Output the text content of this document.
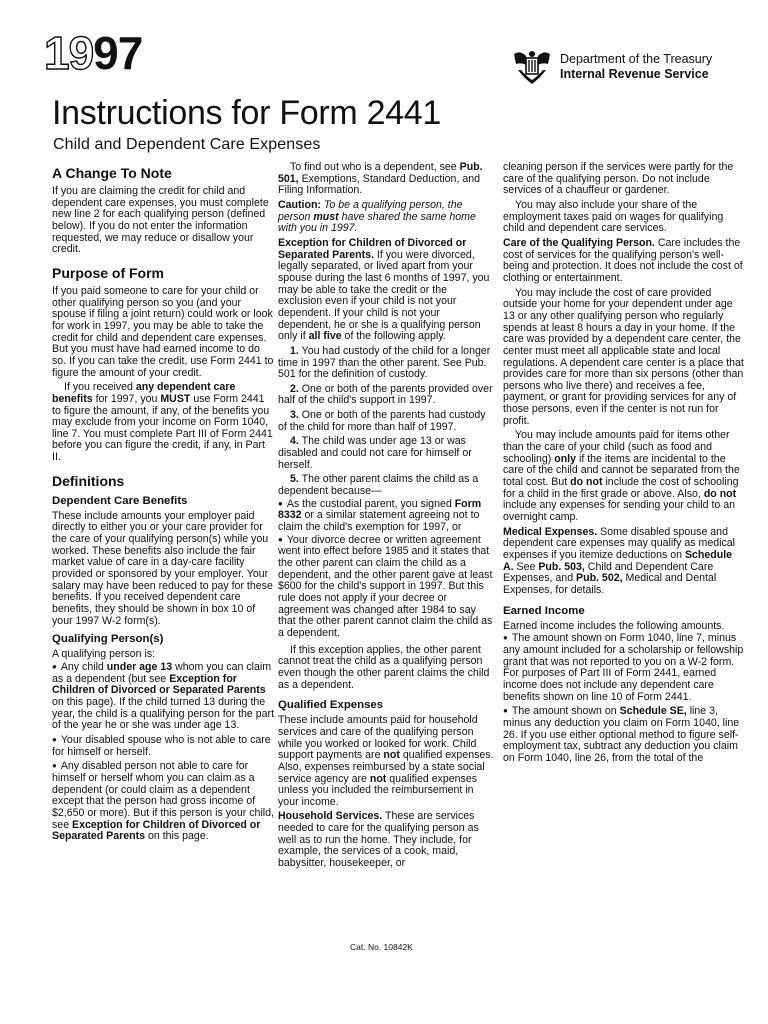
1997	Department of the Treasury
Internal Revenue Service
Instructions for Form 2441
Child and Dependent Care Expenses
A Change To Note

If you are claiming the credit for child and dependent care expenses, you must complete new line 2 for each qualifying person (defined below). If you do not enter the information requested, we may reduce or disallow your credit.

Purpose of Form

If you paid someone to care for your child or other qualifying person so you (and your spouse if filing a joint return) could work or look for work in 1997, you may be able to take the credit for child and dependent care expenses. But you must have had earned income to do so. If you can take the credit, use Form 2441 to figure the amount of your credit.

If you received any dependent care benefits for 1997, you MUST use Form 2441 to figure the amount, if any, of the benefits you may exclude from your income on Form 1040, line 7. You must complete Part III of Form 2441 before you can figure the credit, if any, in Part II.

Definitions
Dependent Care Benefits

These include amounts your employer paid directly to either you or your care provider for the care of your qualifying person(s) while you worked. These benefits also include the fair market value of care in a day-care facility provided or sponsored by your employer. Your salary may have been reduced to pay for these benefits. If you received dependent care benefits, they should be shown in box 10 of your 1997 W-2 form(s).

Qualifying Person(s)

A qualifying person is:

● Any child under age 13 whom you can claim as a dependent (but see Exception for Children of Divorced or Separated Parents on this page). If the child turned 13 during the year, the child is a qualifying person for the part of the year he or she was under age 13.

● Your disabled spouse who is not able to care for himself or herself.

● Any disabled person not able to care for himself or herself whom you can claim as a dependent (or could claim as a dependent except that the person had gross income of $2,650 or more). But if this person is your child, see Exception for Children of Divorced or Separated Parents on this page.

To find out who is a dependent, see Pub. 501, Exemptions, Standard Deduction, and Filing Information.

Caution: To be a qualifying person, the person must have shared the same home with you in 1997.

Exception for Children of Divorced or Separated Parents. If you were divorced, legally separated, or lived apart from your spouse during the last 6 months of 1997, you may be able to take the credit or the exclusion even if your child is not your dependent. If your child is not your dependent, he or she is a qualifying person only if all five of the following apply.

1. You had custody of the child for a longer time in 1997 than the other parent. See Pub. 501 for the definition of custody.

2. One or both of the parents provided over half of the child's support in 1997.

3. One or both of the parents had custody of the child for more than half of 1997.

4. The child was under age 13 or was disabled and could not care for himself or herself.

5. The other parent claims the child as a dependent because—

● As the custodial parent, you signed Form 8332 or a similar statement agreeing not to claim the child's exemption for 1997, or

● Your divorce decree or written agreement went into effect before 1985 and it states that the other parent can claim the child as a dependent, and the other parent gave at least $600 for the child's support in 1997. But this rule does not apply if your decree or agreement was changed after 1984 to say that the other parent cannot claim the child as a dependent.

If this exception applies, the other parent cannot treat the child as a qualifying person even though the other parent claims the child as a dependent.

Qualified Expenses

These include amounts paid for household services and care of the qualifying person while you worked or looked for work. Child support payments are not qualified expenses. Also, expenses reimbursed by a state social service agency are not qualified expenses unless you included the reimbursement in your income.

Household Services. These are services needed to care for the qualifying person as well as to run the home. They include, for example, the services of a cook, maid, babysitter, housekeeper, or

cleaning person if the services were partly for the care of the qualifying person. Do not include services of a chauffeur or gardener.

You may also include your share of the employment taxes paid on wages for qualifying child and dependent care services.

Care of the Qualifying Person. Care includes the cost of services for the qualifying person's well-being and protection. It does not include the cost of clothing or entertainment.

You may include the cost of care provided outside your home for your dependent under age 13 or any other qualifying person who regularly spends at least 8 hours a day in your home. If the care was provided by a dependent care center, the center must meet all applicable state and local regulations. A dependent care center is a place that provides care for more than six persons (other than persons who live there) and receives a fee, payment, or grant for providing services for any of those persons, even if the center is not run for profit.

You may include amounts paid for items other than the care of your child (such as food and schooling) only if the items are incidental to the care of the child and cannot be separated from the total cost. But do not include the cost of schooling for a child in the first grade or above. Also, do not include any expenses for sending your child to an overnight camp.

Medical Expenses. Some disabled spouse and dependent care expenses may qualify as medical expenses if you itemize deductions on Schedule A. See Pub. 503, Child and Dependent Care Expenses, and Pub. 502, Medical and Dental Expenses, for details.

Earned Income

Earned income includes the following amounts.

● The amount shown on Form 1040, line 7, minus any amount included for a scholarship or fellowship grant that was not reported to you on a W-2 form. For purposes of Part III of Form 2441, earned income does not include any dependent care benefits shown on line 10 of Form 2441.

● The amount shown on Schedule SE, line 3, minus any deduction you claim on Form 1040, line 26. If you use either optional method to figure self-employment tax, subtract any deduction you claim on Form 1040, line 26, from the total of the

Cat. No. 10842K
